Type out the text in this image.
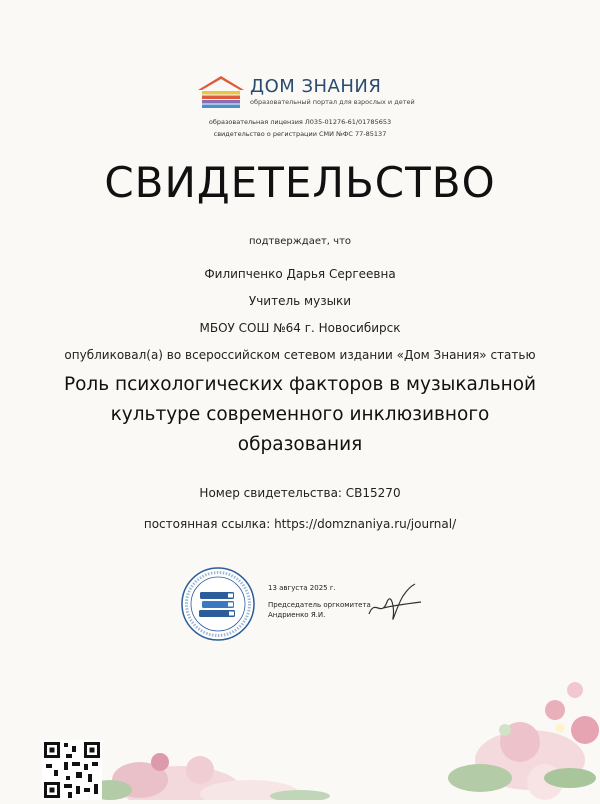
ДОМ ЗНАНИЯ
образовательный портал для взрослых и детей
образовательная лицензия Л035-01276-61/01785653
свидетельство о регистрации СМИ №ФС 77-85137
СВИДЕТЕЛЬСТВО
подтверждает, что
Филипченко Дарья Сергеевна
Учитель музыки
МБОУ СОШ №64 г. Новосибирск
опубликовал(а) во всероссийском сетевом издании «Дом Знания» статью
Роль психологических факторов в музыкальной
культуре современного инклюзивного
образования
Номер свидетельства: СВ15270
постоянная ссылка: https://domznaniya.ru/journal/
13 августа 2025 г.
Председатель оргкомитета
Андриенко Я.И.
